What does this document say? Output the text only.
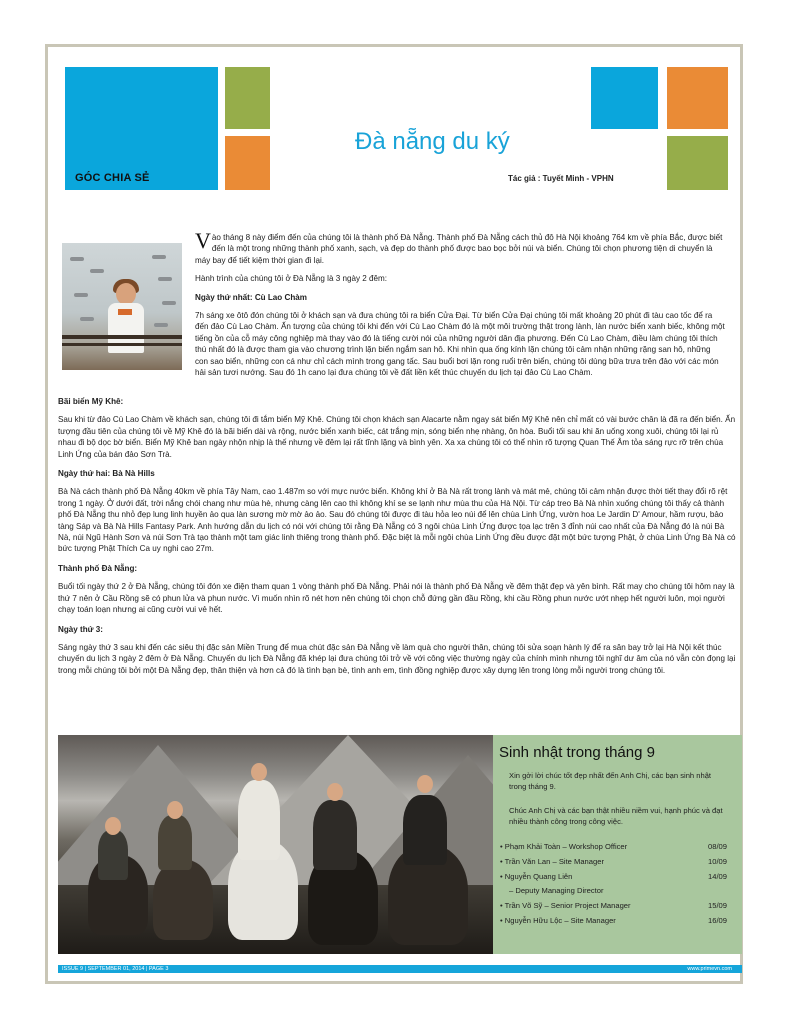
GÓC CHIA SẺ
Đà nẵng du ký
Tác giả : Tuyết Minh - VPHN

Vào tháng 8 này điểm đến của chúng tôi là thành phố Đà Nẵng. Thành phố Đà Nẵng cách thủ đô Hà Nội khoảng 764 km về phía Bắc, được biết đến là một trong những thành phố xanh, sạch, và đẹp do thành phố được bao bọc bởi núi và biển. Chúng tôi chọn phương tiện di chuyển là máy bay để tiết kiệm thời gian đi lại.

Hành trình của chúng tôi ở Đà Nẵng là 3 ngày 2 đêm:

Ngày thứ nhất: Cù Lao Chàm

7h sáng xe ôtô đón chúng tôi ở khách sạn và đưa chúng tôi ra biển Cửa Đại. Từ biển Cửa Đại chúng tôi mất khoảng 20 phút đi tàu cao tốc để ra đến đảo Cù Lao Chàm. Ấn tượng của chúng tôi khi đến với Cù Lao Chàm đó là một môi trường thật trong lành, làn nước biển xanh biếc, không một tiếng ồn của cỗ máy công nghiệp mà thay vào đó là tiếng cười nói của những người dân địa phương. Đến Cù Lao Chàm, điều làm chúng tôi thích thú nhất đó là được tham gia vào chương trình lặn biển ngắm san hô. Khi nhìn qua ống kính lặn chúng tôi cảm nhận những rặng san hô, những con sao biển, những con cá như chỉ cách mình trong gang tấc. Sau buổi bơi lặn rong ruổi trên biển, chúng tôi dùng bữa trưa trên đảo với các món hải sản tươi nướng. Sau đó 1h cano lại đưa chúng tôi về đất liền kết thúc chuyến du lịch tại đảo Cù Lao Chàm.

Bãi biển Mỹ Khê:

Sau khi từ đảo Cù Lao Chàm về khách sạn, chúng tôi đi tắm biển Mỹ Khê. Chúng tôi chọn khách sạn Alacarte nằm ngay sát biển Mỹ Khê nên chỉ mất có vài bước chân là đã ra đến biển. Ấn tượng đầu tiên của chúng tôi về Mỹ Khê đó là bãi biển dài và rộng, nước biển xanh biếc, cát trắng mịn, sóng biển nhẹ nhàng, ôn hòa. Buổi tối sau khi ăn uống xong xuôi, chúng tôi lại rủ nhau đi bộ dọc bờ biển. Biển Mỹ Khê ban ngày nhộn nhịp là thế nhưng về đêm lại rất tĩnh lặng và bình yên. Xa xa chúng tôi có thể nhìn rõ tượng Quan Thế Âm tỏa sáng rực rỡ trên chùa Linh Ứng của bán đảo Sơn Trà.

Ngày thứ hai: Bà Nà Hills

Bà Nà cách thành phố Đà Nẵng 40km về phía Tây Nam, cao 1.487m so với mực nước biển. Không khí ở Bà Nà rất trong lành và mát mẻ, chúng tôi cảm nhận được thời tiết thay đổi rõ rệt trong 1 ngày. Ở dưới đất, trời nắng chói chang như mùa hè, nhưng càng lên cao thì không khí se se lạnh như mùa thu của Hà Nội. Từ cáp treo Bà Nà nhìn xuống chúng tôi thấy cả thành phố Đà Nẵng thu nhỏ đẹp lung linh huyền ảo qua làn sương mờ mờ ảo ảo. Sau đó chúng tôi được đi tàu hỏa leo núi để lên chùa Linh Ứng, vườn hoa Le Jardin D' Amour, hầm rượu, bảo tàng Sáp và Bà Nà Hills Fantasy Park. Anh hướng dẫn du lịch có nói với chúng tôi rằng Đà Nẵng có 3 ngôi chùa Linh Ứng được tọa lạc trên 3 đỉnh núi cao nhất của Đà Nẵng đó là núi Bà Nà, núi Ngũ Hành Sơn và núi Sơn Trà tạo thành một tam giác linh thiêng trong thành phố. Đặc biệt là mỗi ngôi chùa Linh Ứng đều được đặt một bức tượng Phật, ở chùa Linh Ứng Bà Nà có bức tượng Phật Thích Ca uy nghi cao 27m.

Thành phố Đà Nẵng:

Buổi tối ngày thứ 2 ở Đà Nẵng, chúng tôi đón xe điện tham quan 1 vòng thành phố Đà Nẵng. Phải nói là thành phố Đà Nẵng về đêm thật đẹp và yên bình. Rất may cho chúng tôi hôm nay là thứ 7 nên ở Cầu Rồng sẽ có phun lửa và phun nước. Vì muốn nhìn rõ nét hơn nên chúng tôi chọn chỗ đứng gần đầu Rồng, khi cầu Rồng phun nước ướt nhẹp hết người luôn, mọi người chạy toán loạn nhưng ai cũng cười vui vẻ hết.

Ngày thứ 3:

Sáng ngày thứ 3 sau khi đến các siêu thị đặc sản Miền Trung để mua chút đặc sản Đà Nẵng về làm quà cho người thân, chúng tôi sửa soạn hành lý để ra sân bay trở lại Hà Nội kết thúc chuyến du lịch 3 ngày 2 đêm ở Đà Nẵng. Chuyến du lịch Đà Nẵng đã khép lại đưa chúng tôi trở về với công việc thường ngày của chính mình nhưng tôi nghĩ dư âm của nó vẫn còn đọng lại trong mỗi chúng tôi bởi một Đà Nẵng đẹp, thân thiện và hơn cả đó là tình bạn bè, tình anh em, tình đồng nghiệp được xây dựng lên trong lòng mỗi người trong chúng tôi.

Sinh nhật trong tháng 9
Xin gởi lời chúc tốt đẹp nhất đến Anh Chị, các bạn sinh nhật trong tháng 9.
Chúc Anh Chị và các bạn thật nhiều niềm vui, hạnh phúc và đạt nhiều thành công trong công việc.
• Phạm Khải Toàn – Workshop Officer	08/09
• Trần Văn Lan – Site Manager	10/09
• Nguyễn Quang Liên	14/09
– Deputy Managing Director
• Trần Võ Sỹ – Senior Project Manager	15/09
• Nguyễn Hữu Lộc – Site Manager	16/09
ISSUE 9 | SEPTEMBER 01, 2014 | PAGE 3	www.primevn.com
